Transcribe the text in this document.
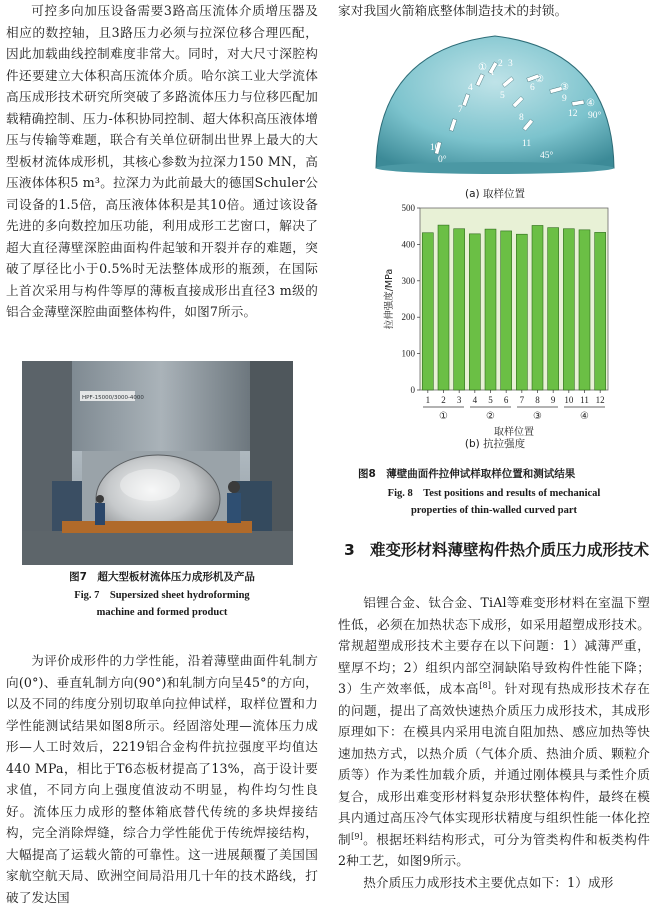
可控多向加压设备需要3路高压流体介质增压器及相应的数控轴，且3路压力必须与拉深位移合理匹配，因此加载曲线控制难度非常大。同时，对大尺寸深腔构件还要建立大体积高压流体介质。哈尔滨工业大学流体高压成形技术研究所突破了多路流体压力与位移匹配加载精确控制、压力-体积协同控制、超大体积高压液体增压与传输等难题，联合有关单位研制出世界上最大的大型板材流体成形机，其核心参数为拉深力150 MN，高压液体体积5 m³。拉深力为此前最大的德国Schuler公司设备的1.5倍，高压液体体积是其10倍。通过该设备先进的多向数控加压功能，利用成形工艺窗口，解决了超大直径薄壁深腔曲面构件起皱和开裂并存的难题，突破了厚径比小于0.5%时无法整体成形的瓶颈，在国际上首次采用与构件等厚的薄板直接成形出直径3 m级的铝合金薄壁深腔曲面整体构件，如图7所示。

HPF-15000/3000-4000

图7　超大型板材流体压力成形机及产品

Fig. 7　Supersized sheet hydroforming

machine and formed product

为评价成形件的力学性能，沿着薄壁曲面件轧制方向(0°)、垂直轧制方向(90°)和轧制方向呈45°的方向，以及不同的纬度分别切取单向拉伸试样，取样位置和力学性能测试结果如图8所示。经固溶处理—流体压力成形—人工时效后，2219铝合金构件抗拉强度平均值达440 MPa，相比于T6态板材提高了13%，高于设计要求值，不同方向上强度值波动不明显，构件均匀性良好。流体压力成形的整体箱底替代传统的多块焊接结构，完全消除焊缝，综合力学性能优于传统焊接结构，大幅提高了运载火箭的可靠性。这一进展颠覆了美国国家航空航天局、欧洲空间局沿用几十年的技术路线，打破了发达国

家对我国火箭箱底整体制造技术的封锁。

1
2 3
4
5
6
7
8
9
10	11
12
①
②
③
④
0°	45°
90°
(a) 取样位置
0
100
200
300
400
500
1 2 3 4 5 6 7 8 9 10 11 12
①	②	③	④
拉伸强度/MPa
取样位置
(b) 抗拉强度

图8　薄壁曲面件拉伸试样取样位置和测试结果

Fig. 8　Test positions and results of mechanical

properties of thin-walled curved part

3 难变形材料薄壁构件热介质压力成形技术

铝锂合金、钛合金、TiAl等难变形材料在室温下塑性低，必须在加热状态下成形，如采用超塑成形技术。常规超塑成形技术主要存在以下问题：1）减薄严重，壁厚不均；2）组织内部空洞缺陷导致构件性能下降；3）生产效率低，成本高[8]。针对现有热成形技术存在的问题，提出了高效快速热介质压力成形技术，其成形原理如下：在模具内采用电流自阻加热、感应加热等快速加热方式，以热介质（气体介质、热油介质、颗粒介质等）作为柔性加载介质，并通过刚体模具与柔性介质复合，成形出难变形材料复杂形状整体构件，最终在模具内通过高压冷气体实现形状精度与组织性能一体化控制[9]。根据坯料结构形式，可分为管类构件和板类构件2种工艺，如图9所示。

热介质压力成形技术主要优点如下：1）成形
